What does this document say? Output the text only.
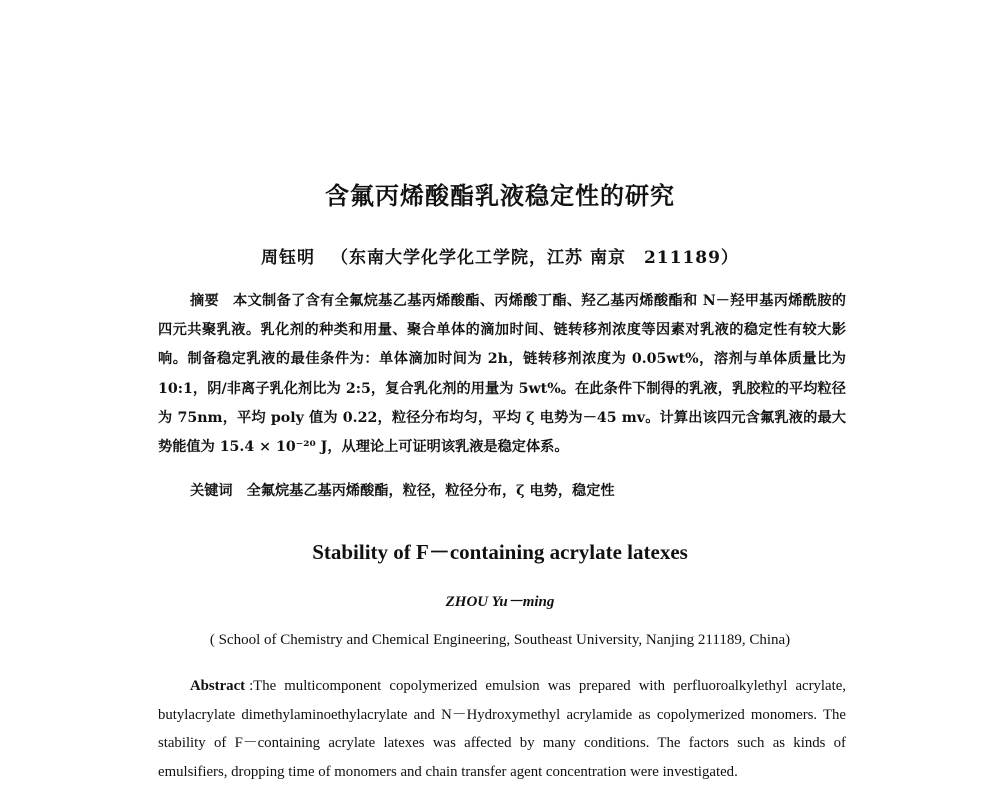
含氟丙烯酸酯乳液稳定性的研究
周钰明 （东南大学化学化工学院，江苏 南京　211189）

摘要 本文制备了含有全氟烷基乙基丙烯酸酯、丙烯酸丁酯、羟乙基丙烯酸酯和 N－羟甲基丙烯酰胺的四元共聚乳液。乳化剂的种类和用量、聚合单体的滴加时间、链转移剂浓度等因素对乳液的稳定性有较大影响。制备稳定乳液的最佳条件为：单体滴加时间为 2h，链转移剂浓度为 0.05wt%，溶剂与单体质量比为 10:1，阴/非离子乳化剂比为 2:5，复合乳化剂的用量为 5wt%。在此条件下制得的乳液，乳胶粒的平均粒径为 75nm，平均 poly 值为 0.22，粒径分布均匀，平均 ζ 电势为－45 mv。计算出该四元含氟乳液的最大势能值为 15.4 × 10⁻²⁰ J，从理论上可证明该乳液是稳定体系。

关键词 全氟烷基乙基丙烯酸酯，粒径，粒径分布，ζ 电势，稳定性
Stability of F－containing acrylate latexes
ZHOU Yu－ming
( School of Chemistry and Chemical Engineering, Southeast University, Nanjing 211189, China)

Abstract :The multicomponent copolymerized emulsion was prepared with perfluoroalkylethyl acrylate, butylacrylate dimethylaminoethylacrylate and N－Hydroxymethyl acrylamide as copolymerized monomers. The stability of F－containing acrylate latexes was affected by many conditions. The factors such as kinds of emulsifiers, dropping time of monomers and chain transfer agent concentration were investigated.
